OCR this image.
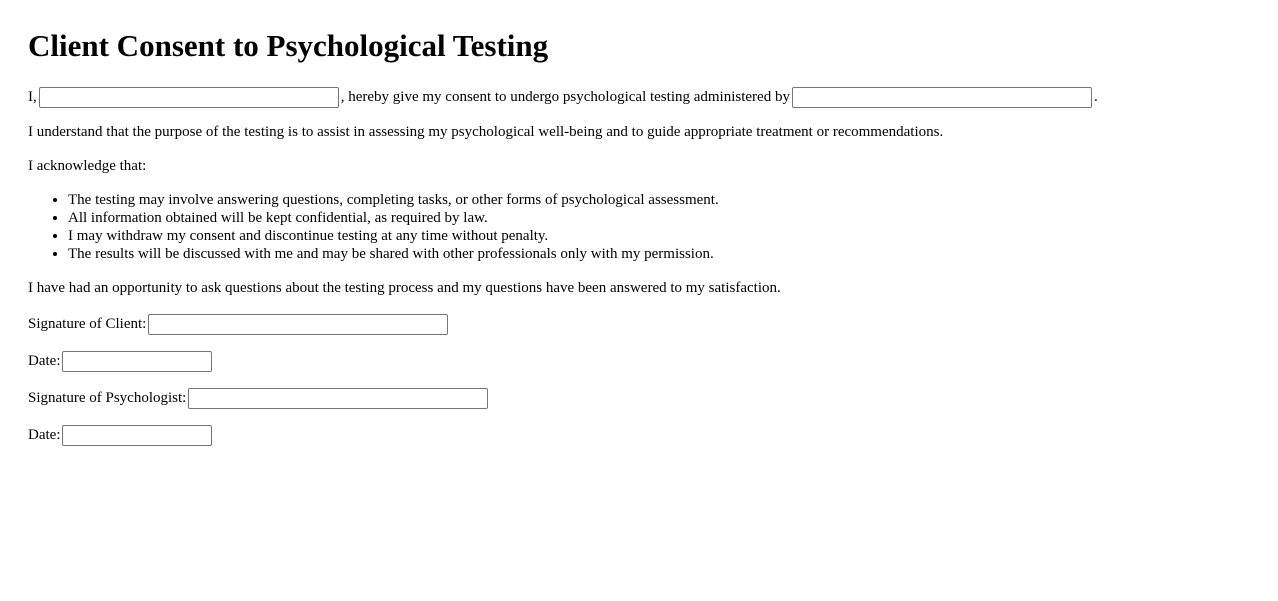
Client Consent to Psychological Testing
I,	, hereby give my consent to undergo psychological testing administered by	.

I understand that the purpose of the testing is to assist in assessing my psychological well-being and to guide appropriate treatment or recommendations.

I acknowledge that:

• The testing may involve answering questions, completing tasks, or other forms of psychological assessment.
• All information obtained will be kept confidential, as required by law.
• I may withdraw my consent and discontinue testing at any time without penalty.
• The results will be discussed with me and may be shared with other professionals only with my permission.

I have had an opportunity to ask questions about the testing process and my questions have been answered to my satisfaction.

Signature of Client:
Date:
Signature of Psychologist:
Date:
